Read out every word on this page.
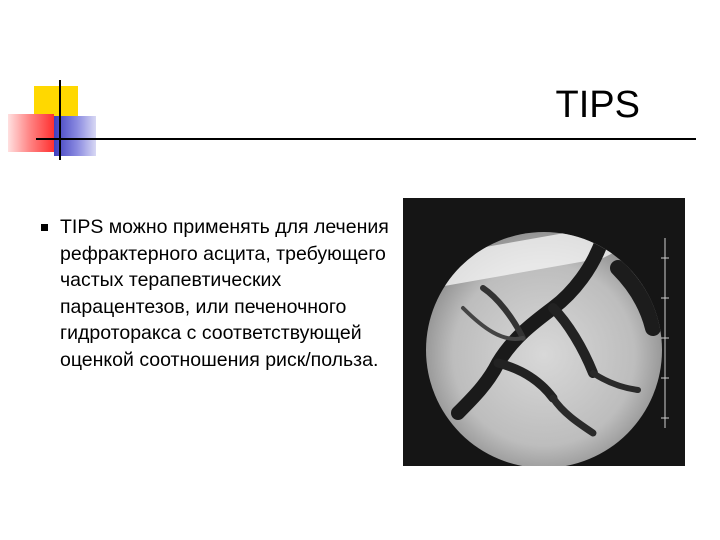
TIPS
TIPS можно применять для лечения рефрактерного асцита, требующего частых терапевтических парацентезов, или печеночного гидроторакса с соответствующей оценкой соотношения риск/польза.
